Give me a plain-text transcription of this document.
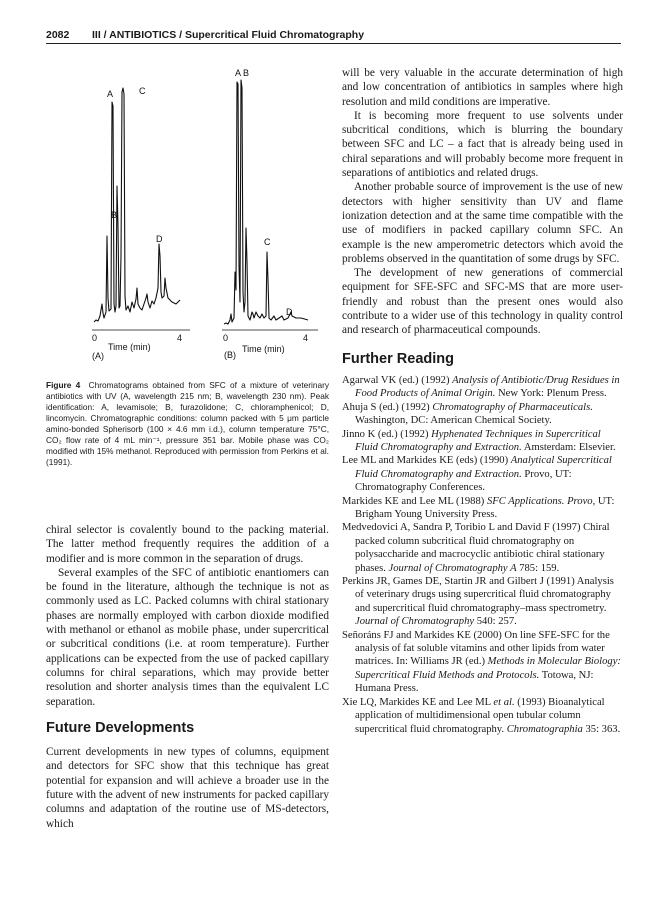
2082 III / ANTIBIOTICS / Supercritical Fluid Chromatography
A	C
B
D
0	4
Time (min)
(A)
A B
C
D
0	4
Time (min)
(B)
Figure 4 Chromatograms obtained from SFC of a mixture of veterinary antibiotics with UV (A, wavelength 215 nm; B, wavelength 230 nm). Peak identification: A, levamisole; B, furazolidone; C, chloramphenicol; D, lincomycin. Chromatographic conditions: column packed with 5 μm particle amino-bonded Spherisorb (100 × 4.6 mm i.d.), column temperature 75°C, CO₂ flow rate of 4 mL min⁻¹, pressure 351 bar. Mobile phase was CO₂ modified with 15% methanol. Reproduced with permission from Perkins et al. (1991).

chiral selector is covalently bound to the packing material. The latter method frequently requires the addition of a modifier and is more common in the separation of drugs.

Several examples of the SFC of antibiotic enantiomers can be found in the literature, although the technique is not as commonly used as LC. Packed columns with chiral stationary phases are normally employed with carbon dioxide modified with methanol or ethanol as mobile phase, under supercritical or subcritical conditions (i.e. at room temperature). Further applications can be expected from the use of packed capillary columns for chiral separations, which may provide better resolution and shorter analysis times than the equivalent LC separation.

Future Developments

Current developments in new types of columns, equipment and detectors for SFC show that this technique has great potential for expansion and will achieve a broader use in the future with the advent of new instruments for packed capillary columns and adaptation of the routine use of MS-detectors, which

will be very valuable in the accurate determination of high and low concentration of antibiotics in samples where high resolution and mild conditions are imperative.

It is becoming more frequent to use solvents under subcritical conditions, which is blurring the boundary between SFC and LC – a fact that is already being used in chiral separations and will probably become more frequent in separations of antibiotics and related drugs.

Another probable source of improvement is the use of new detectors with higher sensitivity than UV and flame ionization detection and at the same time compatible with the use of modifiers in packed capillary column SFC. An example is the new amperometric detectors which avoid the problems observed in the quantitation of some drugs by SFC.

The development of new generations of commercial equipment for SFE-SFC and SFC-MS that are more user-friendly and robust than the present ones would also contribute to a wider use of this technology in quality control and research of pharmaceutical compounds.

Further Reading
Agarwal VK (ed.) (1992) Analysis of Antibiotic/Drug Residues in Food Products of Animal Origin. New York: Plenum Press.
Ahuja S (ed.) (1992) Chromatography of Pharmaceuticals. Washington, DC: American Chemical Society.
Jinno K (ed.) (1992) Hyphenated Techniques in Supercritical Fluid Chromatography and Extraction. Amsterdam: Elsevier.
Lee ML and Markides KE (eds) (1990) Analytical Supercritical Fluid Chromatography and Extraction. Provo, UT: Chromatography Conferences.
Markides KE and Lee ML (1988) SFC Applications. Provo, UT: Brigham Young University Press.
Medvedovici A, Sandra P, Toribio L and David F (1997) Chiral packed column subcritical fluid chromatography on polysaccharide and macrocyclic antibiotic chiral stationary phases. Journal of Chromatography A 785: 159.
Perkins JR, Games DE, Startin JR and Gilbert J (1991) Analysis of veterinary drugs using supercritical fluid chromatography and supercritical fluid chromatography–mass spectrometry. Journal of Chromatography 540: 257.
Señoráns FJ and Markides KE (2000) On line SFE-SFC for the analysis of fat soluble vitamins and other lipids from water matrices. In: Williams JR (ed.) Methods in Molecular Biology: Supercritical Fluid Methods and Protocols. Totowa, NJ: Humana Press.
Xie LQ, Markides KE and Lee ML et al. (1993) Bioanalytical application of multidimensional open tubular column supercritical fluid chromatography. Chromatographia 35: 363.
